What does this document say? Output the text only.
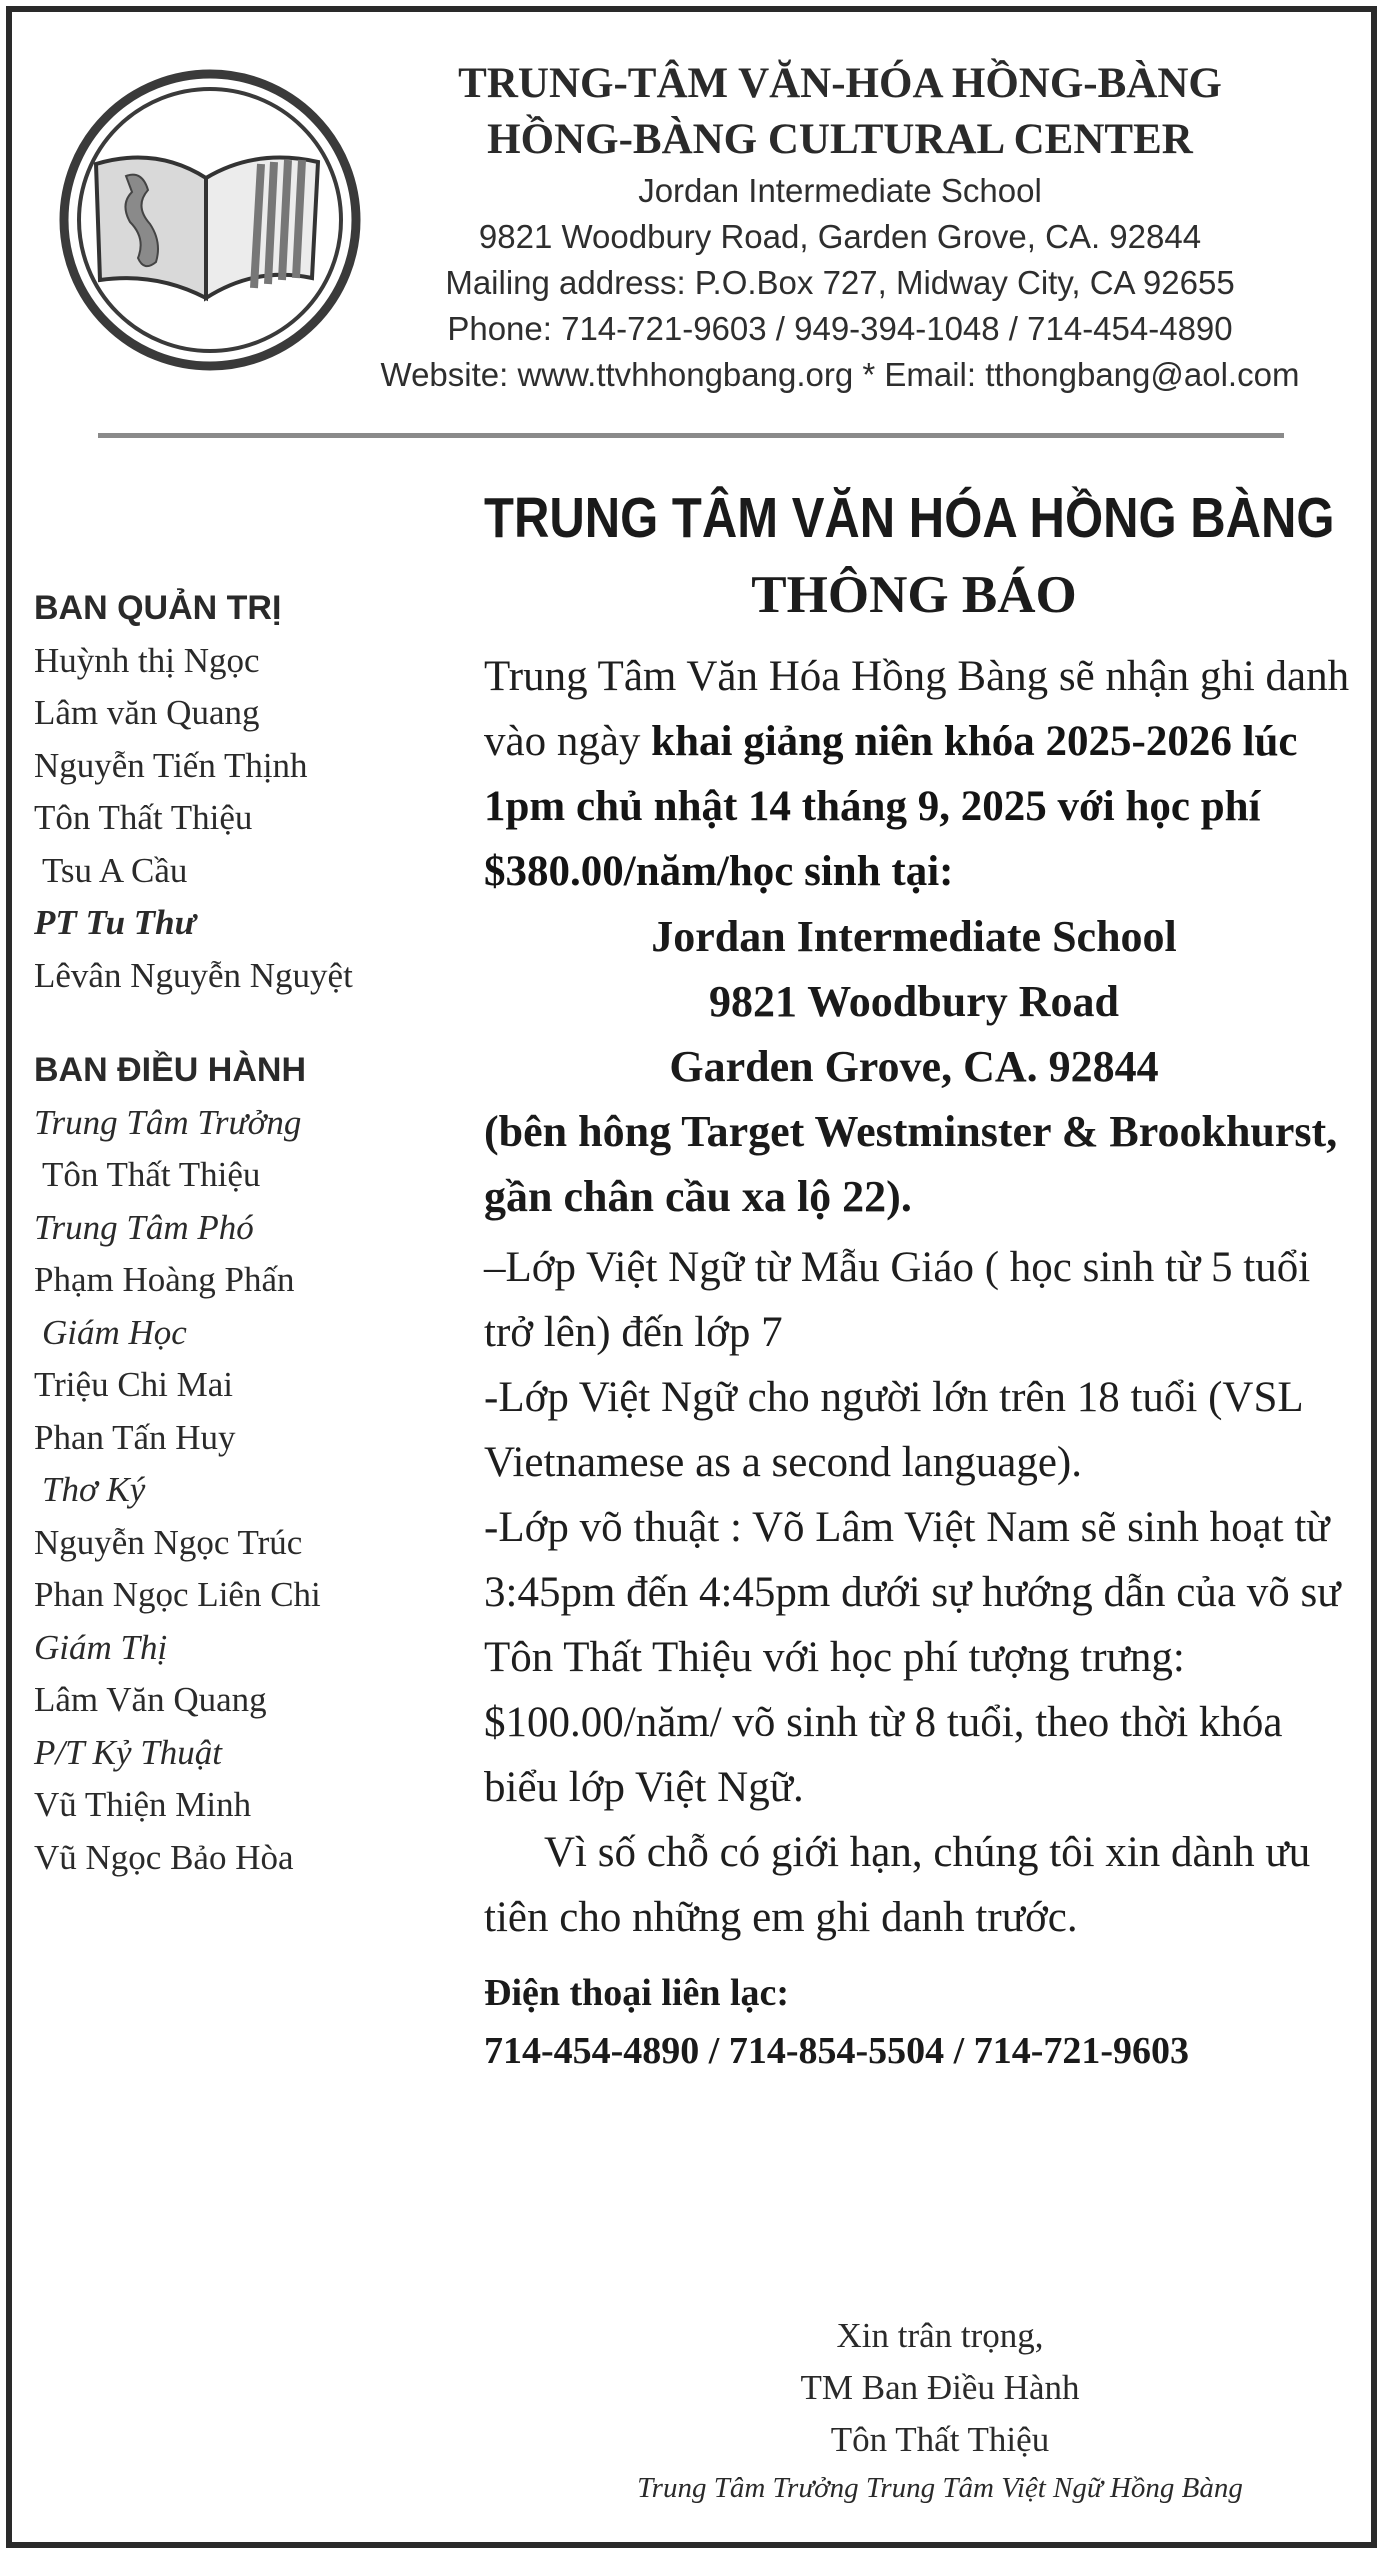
TRUNG-TÂM VĂN-HÓA HỒNG-BÀNG
HỒNG-BÀNG CULTURAL CENTER
Jordan Intermediate School
9821 Woodbury Road, Garden Grove, CA. 92844
Mailing address: P.O.Box 727, Midway City, CA 92655
Phone: 714-721-9603 / 949-394-1048 / 714-454-4890
Website: www.ttvhhongbang.org * Email: tthongbang@aol.com
BAN QUẢN TRỊ
Huỳnh thị Ngọc
Lâm văn Quang
Nguyễn Tiến Thịnh
Tôn Thất Thiệu
Tsu A Cầu
PT Tu Thư
Lêvân Nguyễn Nguyệt
BAN ĐIỀU HÀNH
Trung Tâm Trưởng
Tôn Thất Thiệu
Trung Tâm Phó
Phạm Hoàng Phấn
Giám Học
Triệu Chi Mai
Phan Tấn Huy
Thơ Ký
Nguyễn Ngọc Trúc
Phan Ngọc Liên Chi
Giám Thị
Lâm Văn Quang
P/T Kỷ Thuật
Vũ Thiện Minh
Vũ Ngọc Bảo Hòa
TRUNG TÂM VĂN HÓA HỒNG BÀNG
THÔNG BÁO
Trung Tâm Văn Hóa Hồng Bàng sẽ nhận ghi danh vào ngày khai giảng niên khóa 2025-2026 lúc 1pm chủ nhật 14 tháng 9, 2025 với học phí $380.00/năm/học sinh tại:
Jordan Intermediate School
9821 Woodbury Road
Garden Grove, CA. 92844
(bên hông Target Westminster & Brookhurst, gần chân cầu xa lộ 22).
–Lớp Việt Ngữ từ Mẫu Giáo ( học sinh từ 5 tuổi trở lên) đến lớp 7
-Lớp Việt Ngữ cho người lớn trên 18 tuổi (VSL Vietnamese as a second language).
-Lớp võ thuật : Võ Lâm Việt Nam sẽ sinh hoạt từ 3:45pm đến 4:45pm dưới sự hướng dẫn của võ sư Tôn Thất Thiệu với học phí tượng trưng: $100.00/năm/ võ sinh từ 8 tuổi, theo thời khóa biểu lớp Việt Ngữ.
Vì số chỗ có giới hạn, chúng tôi xin dành ưu tiên cho những em ghi danh trước.
Điện thoại liên lạc:
714-454-4890 / 714-854-5504 / 714-721-9603
Xin trân trọng,
TM Ban Điều Hành
Tôn Thất Thiệu
Trung Tâm Trưởng Trung Tâm Việt Ngữ Hồng Bàng
